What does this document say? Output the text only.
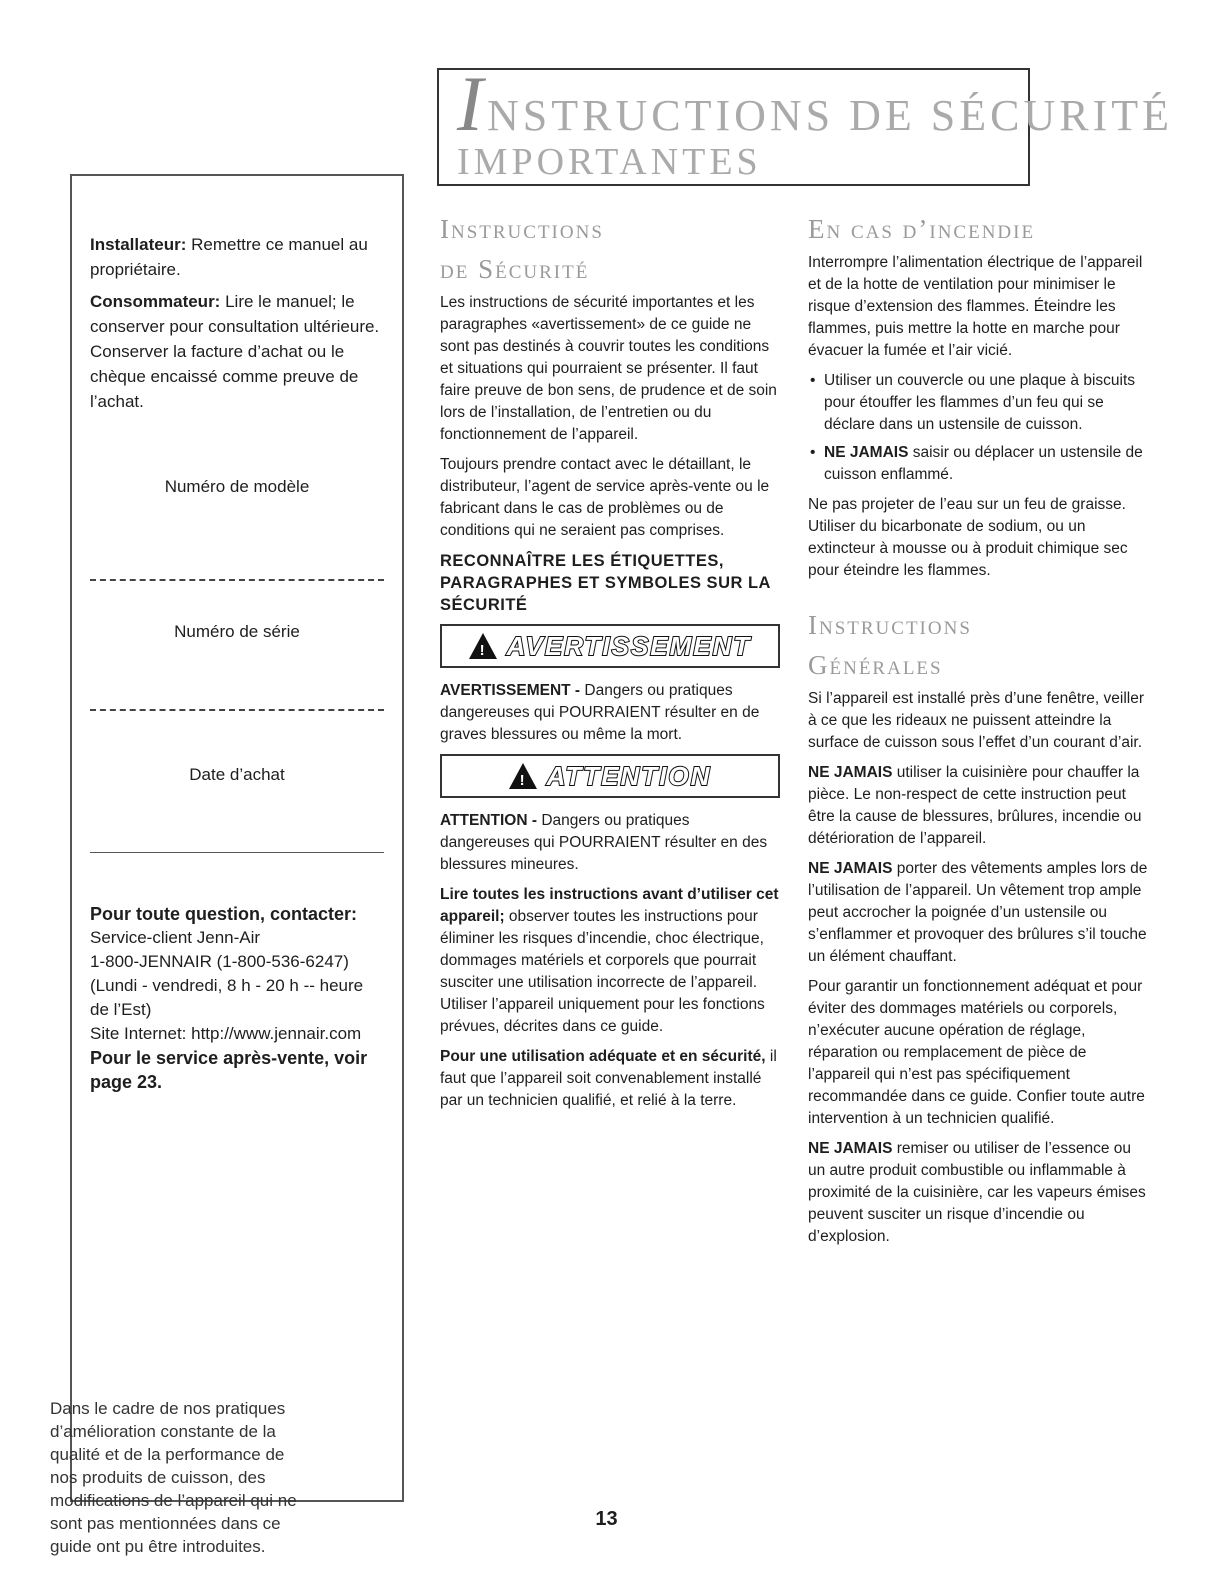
INSTRUCTIONS DE SÉCURITÉ
IMPORTANTES

Installateur: Remettre ce manuel au propriétaire.

Consommateur: Lire le manuel; le conserver pour consultation ultérieure. Conserver la facture d’achat ou le chèque encaissé comme preuve de l’achat.

Numéro de modèle
Numéro de série
Date d’achat

Pour toute question, contacter:

Service-client Jenn-Air

1-800-JENNAIR (1-800-536-6247)

(Lundi - vendredi, 8 h - 20 h -- heure de l’Est)

Site Internet: http://www.jennair.com

Pour le service après-vente, voir page 23.

Dans le cadre de nos pratiques d’amélioration constante de la qualité et de la performance de nos produits de cuisson, des modifications de l’appareil qui ne sont pas mentionnées dans ce guide ont pu être introduites.
Instructions
de Sécurité

Les instructions de sécurité importantes et les paragraphes «avertissement» de ce guide ne sont pas destinés à couvrir toutes les conditions et situations qui pourraient se présenter. Il faut faire preuve de bon sens, de prudence et de soin lors de l’installation, de l’entretien ou du fonctionnement de l’appareil.

Toujours prendre contact avec le détaillant, le distributeur, l’agent de service après-vente ou le fabricant dans le cas de problèmes ou de conditions qui ne seraient pas comprises.

RECONNAÎTRE LES ÉTIQUETTES, PARAGRAPHES ET SYMBOLES SUR LA SÉCURITÉ

! AVERTISSEMENT

AVERTISSEMENT - Dangers ou pratiques dangereuses qui POURRAIENT résulter en de graves blessures ou même la mort.

! ATTENTION

ATTENTION - Dangers ou pratiques dangereuses qui POURRAIENT résulter en des blessures mineures.

Lire toutes les instructions avant d’utiliser cet appareil; observer toutes les instructions pour éliminer les risques d’incendie, choc électrique, dommages matériels et corporels que pourrait susciter une utilisation incorrecte de l’appareil. Utiliser l’appareil uniquement pour les fonctions prévues, décrites dans ce guide.

Pour une utilisation adéquate et en sécurité, il faut que l’appareil soit convenablement installé par un technicien qualifié, et relié à la terre.

En cas d’incendie

Interrompre l’alimentation électrique de l’appareil et de la hotte de ventilation pour minimiser le risque d’extension des flammes. Éteindre les flammes, puis mettre la hotte en marche pour évacuer la fumée et l’air vicié.

• Utiliser un couvercle ou une plaque à biscuits pour étouffer les flammes d’un feu qui se déclare dans un ustensile de cuisson.
• NE JAMAIS saisir ou déplacer un ustensile de cuisson enflammé.

Ne pas projeter de l’eau sur un feu de graisse. Utiliser du bicarbonate de sodium, ou un extincteur à mousse ou à produit chimique sec pour éteindre les flammes.

Instructions
Générales

Si l’appareil est installé près d’une fenêtre, veiller à ce que les rideaux ne puissent atteindre la surface de cuisson sous l’effet d’un courant d’air.

NE JAMAIS utiliser la cuisinière pour chauffer la pièce. Le non-respect de cette instruction peut être la cause de blessures, brûlures, incendie ou détérioration de l’appareil.

NE JAMAIS porter des vêtements amples lors de l’utilisation de l’appareil. Un vêtement trop ample peut accrocher la poignée d’un ustensile ou s’enflammer et provoquer des brûlures s’il touche un élément chauffant.

Pour garantir un fonctionnement adéquat et pour éviter des dommages matériels ou corporels, n’exécuter aucune opération de réglage, réparation ou remplacement de pièce de l’appareil qui n’est pas spécifiquement recommandée dans ce guide. Confier toute autre intervention à un technicien qualifié.

NE JAMAIS remiser ou utiliser de l’essence ou un autre produit combustible ou inflammable à proximité de la cuisinière, car les vapeurs émises peuvent susciter un risque d’incendie ou d’explosion.

13
